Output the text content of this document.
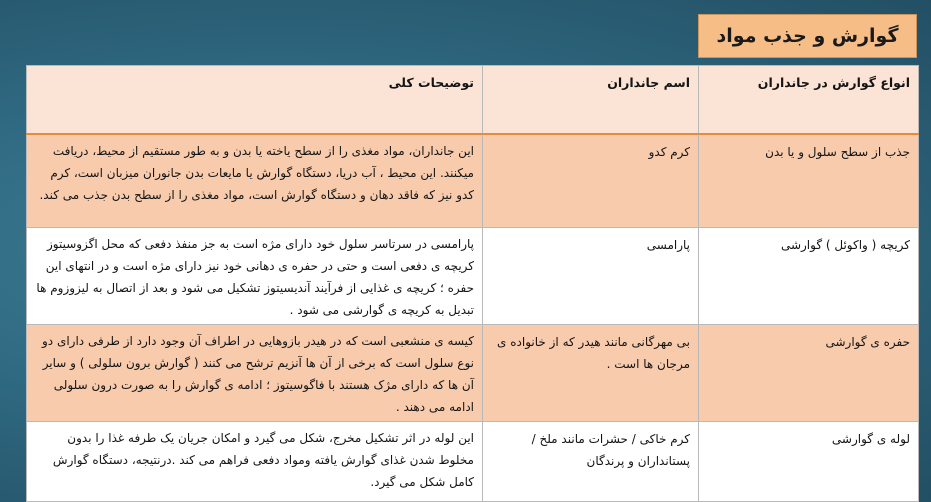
گوارش و جذب مواد
انواع گوارش در جانداران	اسم جانداران	توضیحات کلی
جذب از سطح سلول و یا بدن	کرم کدو	این جانداران، مواد مغذی را از سطح یاخته یا بدن و به طور مستقیم از محیط، دریافت میکنند. این محیط ، آب دریا، دستگاه گوارش یا مایعات بدن جانوران میزبان است، کرم کدو نیز که فاقد دهان و دستگاه گوارش است، مواد مغذی را از سطح بدن جذب می کند.
کریچه ( واکوئل ) گوارشی	پارامسی	پارامسی در سرتاسر سلول خود دارای مژه است به جز منفذ دفعی که محل اگزوسیتوز کریچه ی دفعی است و حتی در حفره ی دهانی خود نیز دارای مژه است و در انتهای این حفره ؛ کریچه ی غذایی از فرآیند آندیسیتوز تشکیل می شود و بعد از اتصال به لیزوزوم ها تبدیل به کریچه ی گوارشی می شود .
حفره ی گوارشی	بی مهرگانی مانند هیدر که از خانواده ی مرجان ها است .	کیسه ی منشعبی است که در هیدر بازوهایی در اطراف آن وجود دارد از طرفی دارای دو نوع سلول است که برخی از آن ها آنزیم ترشح می کنند ( گوارش برون سلولی ) و سایر آن ها که دارای مژک هستند با فاگوسیتوز ؛ ادامه ی گوارش را به صورت درون سلولی ادامه می دهند .
لوله ی گوارشی	کرم خاکی / حشرات مانند ملخ / پستانداران و پرندگان	این لوله در اثر تشکیل مخرج، شکل می گیرد و امکان جریان یک طرفه غذا را بدون مخلوط شدن غذای گوارش یافته ومواد دفعی فراهم می کند .درنتیجه، دستگاه گوارش کامل شکل می گیرد.
